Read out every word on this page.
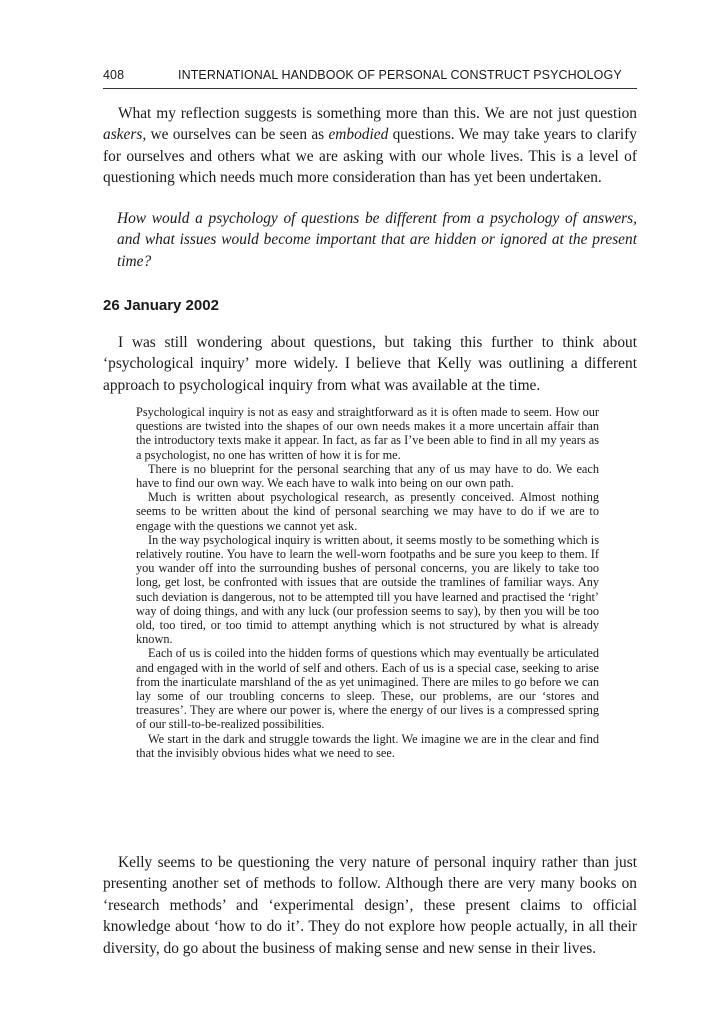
408	INTERNATIONAL HANDBOOK OF PERSONAL CONSTRUCT PSYCHOLOGY

What my reflection suggests is something more than this. We are not just question askers, we ourselves can be seen as embodied questions. We may take years to clarify for ourselves and others what we are asking with our whole lives. This is a level of questioning which needs much more consideration than has yet been undertaken.

How would a psychology of questions be different from a psychology of answers, and what issues would become important that are hidden or ignored at the present time?

26 January 2002

I was still wondering about questions, but taking this further to think about ‘psychological inquiry’ more widely. I believe that Kelly was outlining a different approach to psychological inquiry from what was available at the time.

Psychological inquiry is not as easy and straightforward as it is often made to seem. How our questions are twisted into the shapes of our own needs makes it a more uncertain affair than the introductory texts make it appear. In fact, as far as I’ve been able to find in all my years as a psychologist, no one has written of how it is for me.

There is no blueprint for the personal searching that any of us may have to do. We each have to find our own way. We each have to walk into being on our own path.

Much is written about psychological research, as presently conceived. Almost nothing seems to be written about the kind of personal searching we may have to do if we are to engage with the questions we cannot yet ask.

In the way psychological inquiry is written about, it seems mostly to be something which is relatively routine. You have to learn the well-worn footpaths and be sure you keep to them. If you wander off into the surrounding bushes of personal concerns, you are likely to take too long, get lost, be confronted with issues that are outside the tramlines of familiar ways. Any such deviation is dangerous, not to be attempted till you have learned and practised the ‘right’ way of doing things, and with any luck (our profession seems to say), by then you will be too old, too tired, or too timid to attempt anything which is not structured by what is already known.

Each of us is coiled into the hidden forms of questions which may eventually be articulated and engaged with in the world of self and others. Each of us is a special case, seeking to arise from the inarticulate marshland of the as yet unimagined. There are miles to go before we can lay some of our troubling concerns to sleep. These, our problems, are our ‘stores and treasures’. They are where our power is, where the energy of our lives is a compressed spring of our still-to-be-realized possibilities.

We start in the dark and struggle towards the light. We imagine we are in the clear and find that the invisibly obvious hides what we need to see.

Kelly seems to be questioning the very nature of personal inquiry rather than just presenting another set of methods to follow. Although there are very many books on ‘research methods’ and ‘experimental design’, these present claims to official knowledge about ‘how to do it’. They do not explore how people actually, in all their diversity, do go about the business of making sense and new sense in their lives.
